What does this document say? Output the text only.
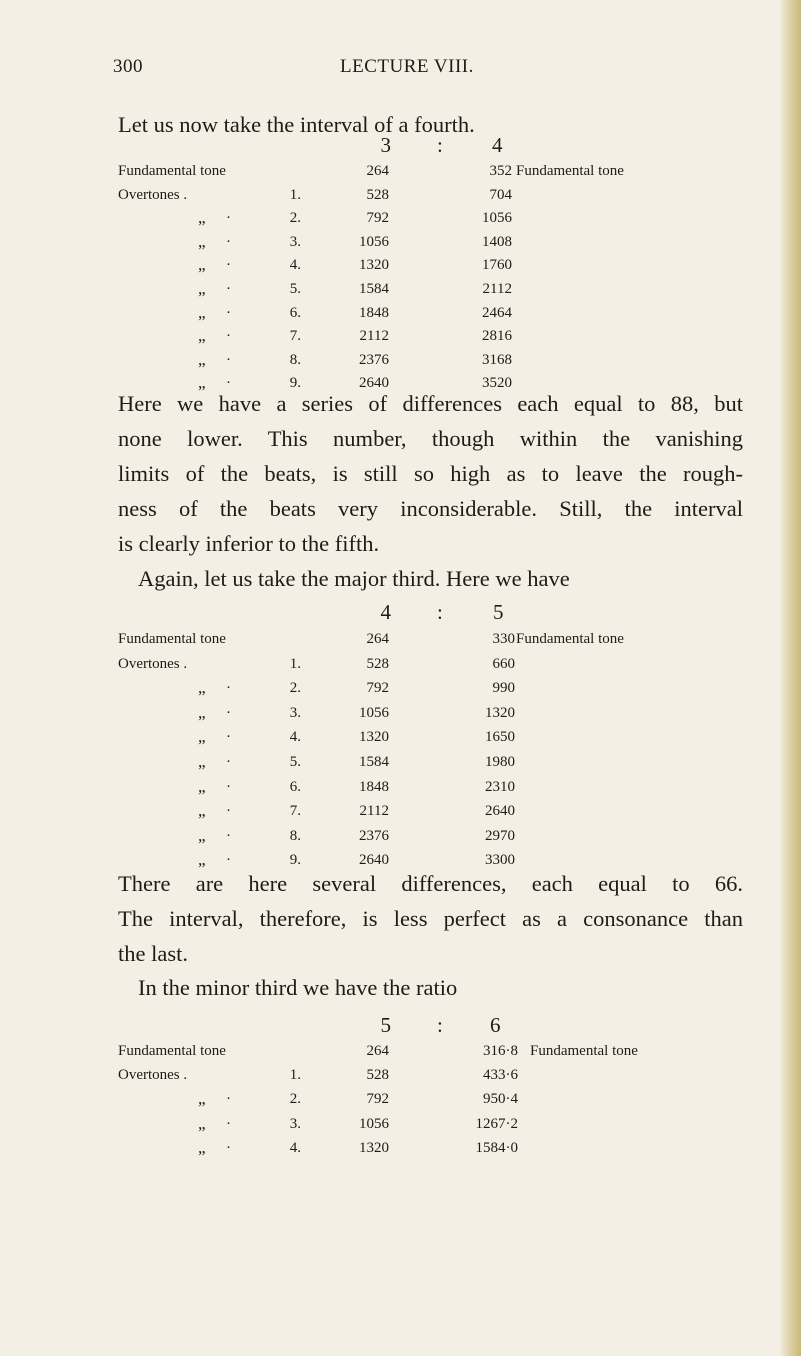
300	LECTURE VIII.

Let us now take the interval of a fourth.

3 : 4
Fundamental tone	264	352 Fundamental tone
Overtones .	1.	528	704
„ ·	2.	792	1056
„ ·	3.	1056	1408
„ ·	4.	1320	1760
„ ·	5.	1584	2112
„ ·	6.	1848	2464
„ ·	7.	2112	2816
„ ·	8.	2376	3168
„ ·	9.	2640	3520

Here we have a series of differences each equal to 88, but
none lower. This number, though within the vanishing
limits of the beats, is still so high as to leave the rough-
ness of the beats very inconsiderable. Still, the interval
is clearly inferior to the fifth.

Again, let us take the major third. Here we have

4 : 5
Fundamental tone	264	330 Fundamental tone
Overtones .	1.	528	660
„ ·	2.	792	990
„ ·	3.	1056	1320
„ ·	4.	1320	1650
„ ·	5.	1584	1980
„ ·	6.	1848	2310
„ ·	7.	2112	2640
„ ·	8.	2376	2970
„ ·	9.	2640	3300

There are here several differences, each equal to 66.
The interval, therefore, is less perfect as a consonance than
the last.

In the minor third we have the ratio

5 : 6
Fundamental tone	264	316·8 Fundamental tone
Overtones .	1.	528	433·6
„ ·	2.	792	950·4
„ ·	3.	1056	1267·2
„ ·	4.	1320	1584·0
